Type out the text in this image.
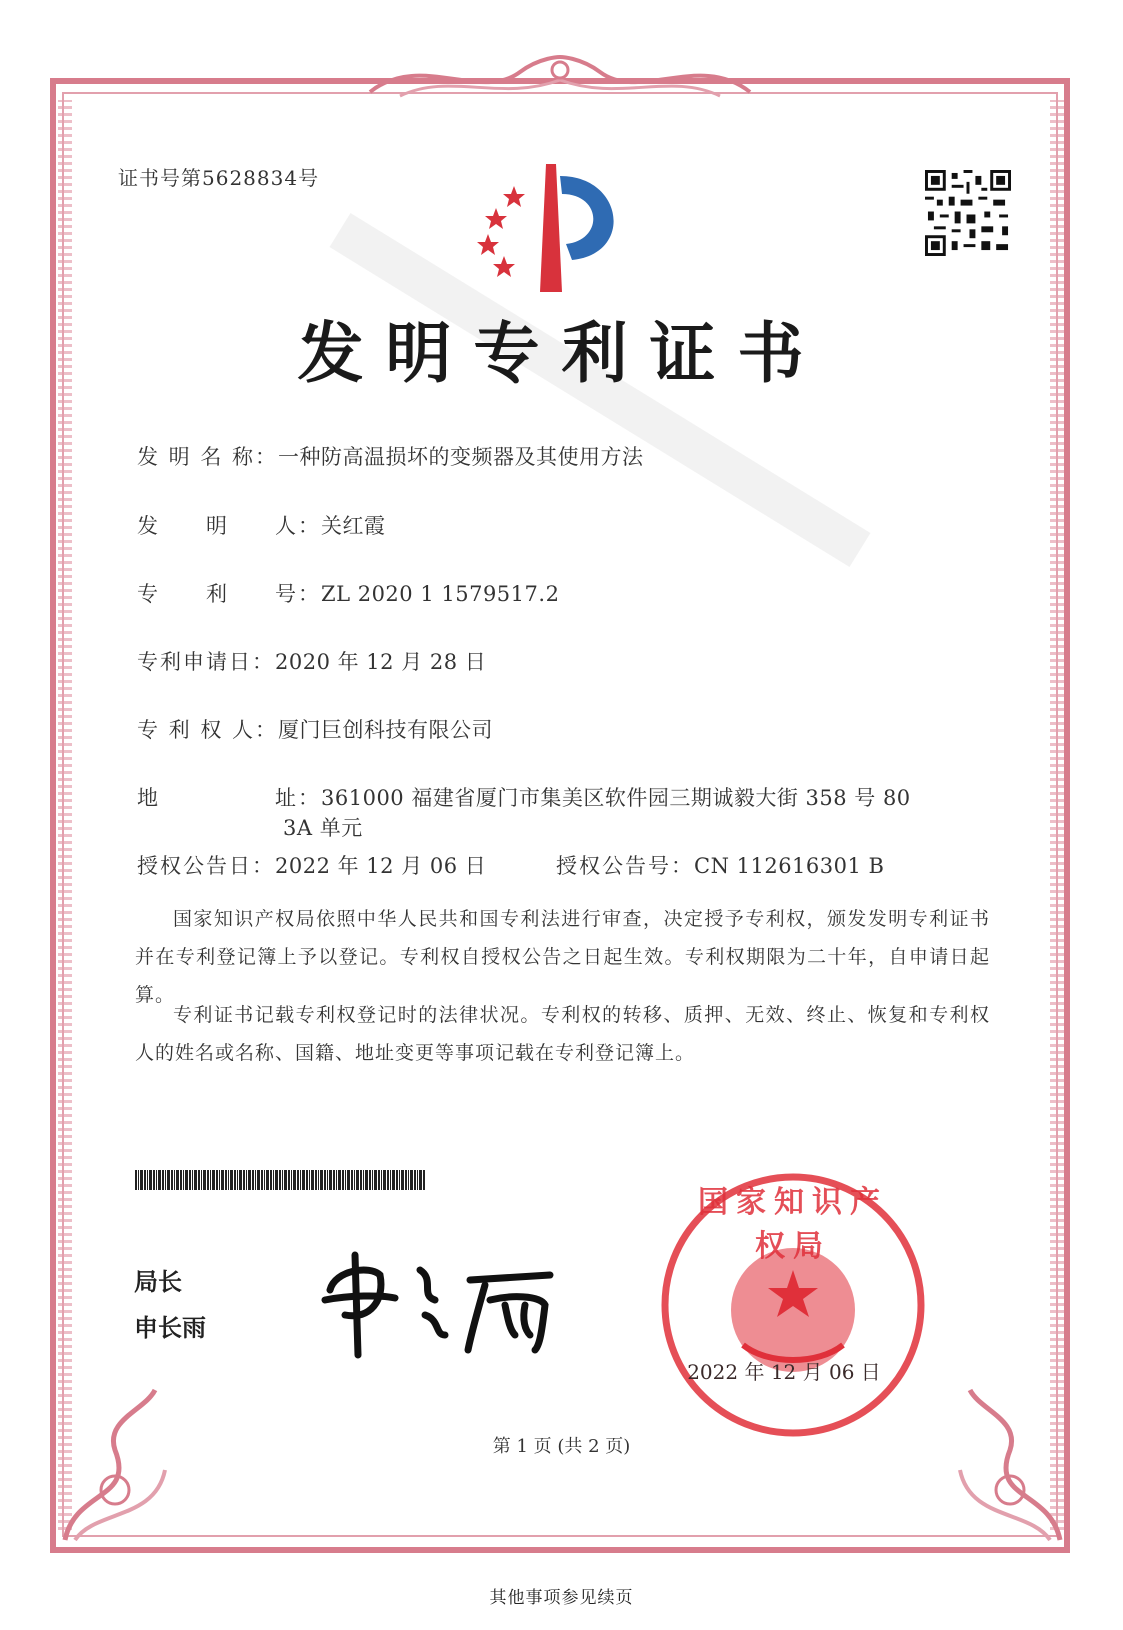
证书号第5628834号
发明专利证书
发 明 名 称：一种防高温损坏的变频器及其使用方法
发　　明　　人：关红霞
专　　利　　号：ZL 2020 1 1579517.2
专利申请日：2020 年 12 月 28 日
专 利 权 人：厦门巨创科技有限公司
地　　　　　址：361000 福建省厦门市集美区软件园三期诚毅大街 358 号 80
3A 单元
授权公告日：2022 年 12 月 06 日	授权公告号：CN 112616301 B
国家知识产权局依照中华人民共和国专利法进行审查，决定授予专利权，颁发发明专利证书并在专利登记簿上予以登记。专利权自授权公告之日起生效。专利权期限为二十年，自申请日起算。
专利证书记载专利权登记时的法律状况。专利权的转移、质押、无效、终止、恢复和专利权人的姓名或名称、国籍、地址变更等事项记载在专利登记簿上。
局长
申长雨
国家知识产权局
2022 年 12 月 06 日
第 1 页 (共 2 页)
其他事项参见续页
